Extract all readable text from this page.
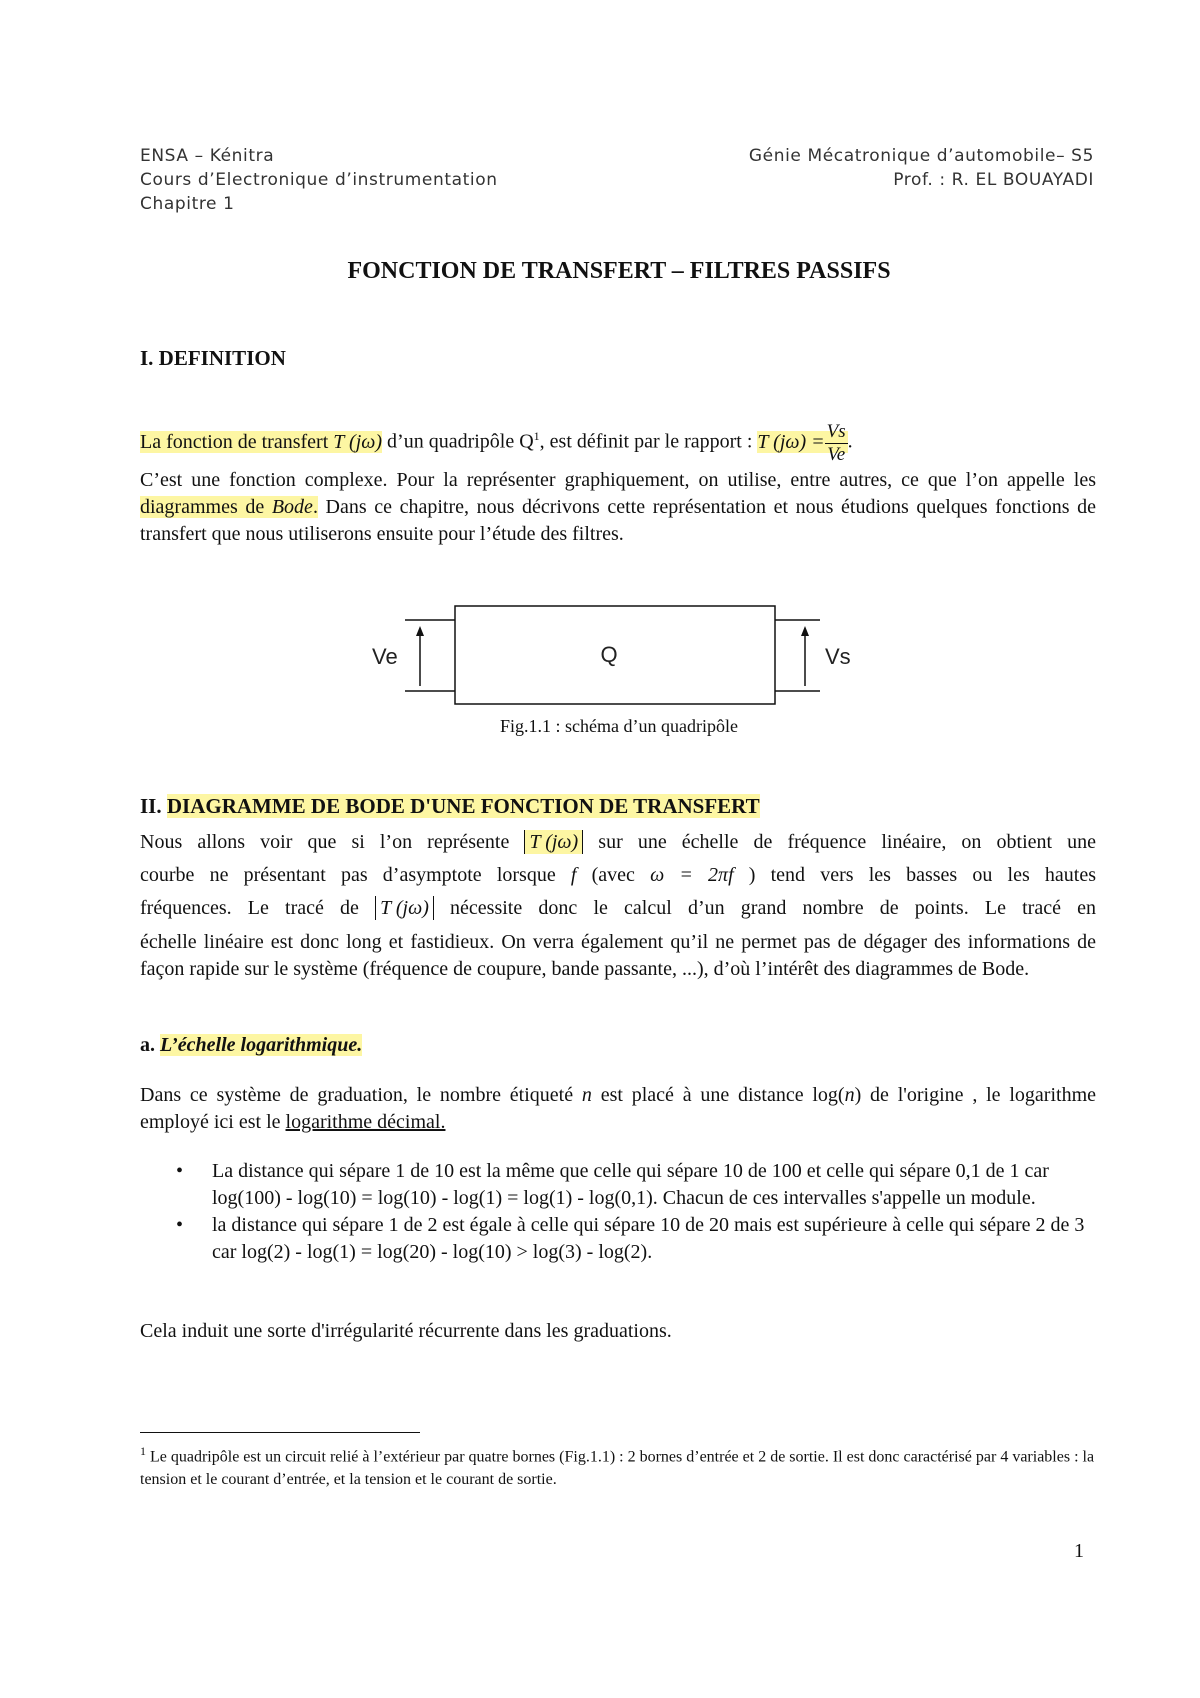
ENSA – Kénitra
Cours d’Electronique d’instrumentation
Chapitre 1
Génie Mécatronique d’automobile– S5
Prof. : R. EL BOUAYADI
FONCTION DE TRANSFERT – FILTRES PASSIFS
I. DEFINITION
La fonction de transfert T (jω) d’un quadripôle $Q^1$, est définit par le rapport : T $(j\omega) = \frac{Vs}{Ve}$ .
C’est une fonction complexe. Pour la représenter graphiquement, on utilise, entre autres, ce que l’on appelle les diagrammes de Bode. Dans ce chapitre, nous décrivons cette représentation et nous étudions quelques fonctions de transfert que nous utiliserons ensuite pour l’étude des filtres.
Q
Ve	Vs
Fig.1.1 : schéma d’un quadripôle
II. DIAGRAMME DE BODE D'UNE FONCTION DE TRANSFERT
Nous allons voir que si l’on représente T (jω) sur une échelle de fréquence linéaire, on obtient une
courbe ne présentant pas d’asymptote lorsque f (avec ω = 2πf ) tend vers les basses ou les hautes
fréquences. Le tracé de T (jω) nécessite donc le calcul d’un grand nombre de points. Le tracé en
échelle linéaire est donc long et fastidieux. On verra également qu’il ne permet pas de dégager des informations de façon rapide sur le système (fréquence de coupure, bande passante, ...), d’où l’intérêt des diagrammes de Bode.
a. L’échelle logarithmique.
Dans ce système de graduation, le nombre étiqueté n est placé à une distance log(n) de l'origine , le logarithme employé ici est le logarithme décimal.
• La distance qui sépare 1 de 10 est la même que celle qui sépare 10 de 100 et celle qui sépare 0,1 de 1 car log(100) - log(10) = log(10) - log(1) = log(1) - log(0,1). Chacun de ces intervalles s'appelle un module.
• la distance qui sépare 1 de 2 est égale à celle qui sépare 10 de 20 mais est supérieure à celle qui sépare 2 de 3 car log(2) - log(1) = log(20) - log(10) > log(3) - log(2).
Cela induit une sorte d'irrégularité récurrente dans les graduations.
$^1$ Le quadripôle est un circuit relié à l’extérieur par quatre bornes (Fig.1.1) : 2 bornes d’entrée et 2 de sortie. Il est donc caractérisé par 4 variables : la tension et le courant d’entrée, et la tension et le courant de sortie.
1
